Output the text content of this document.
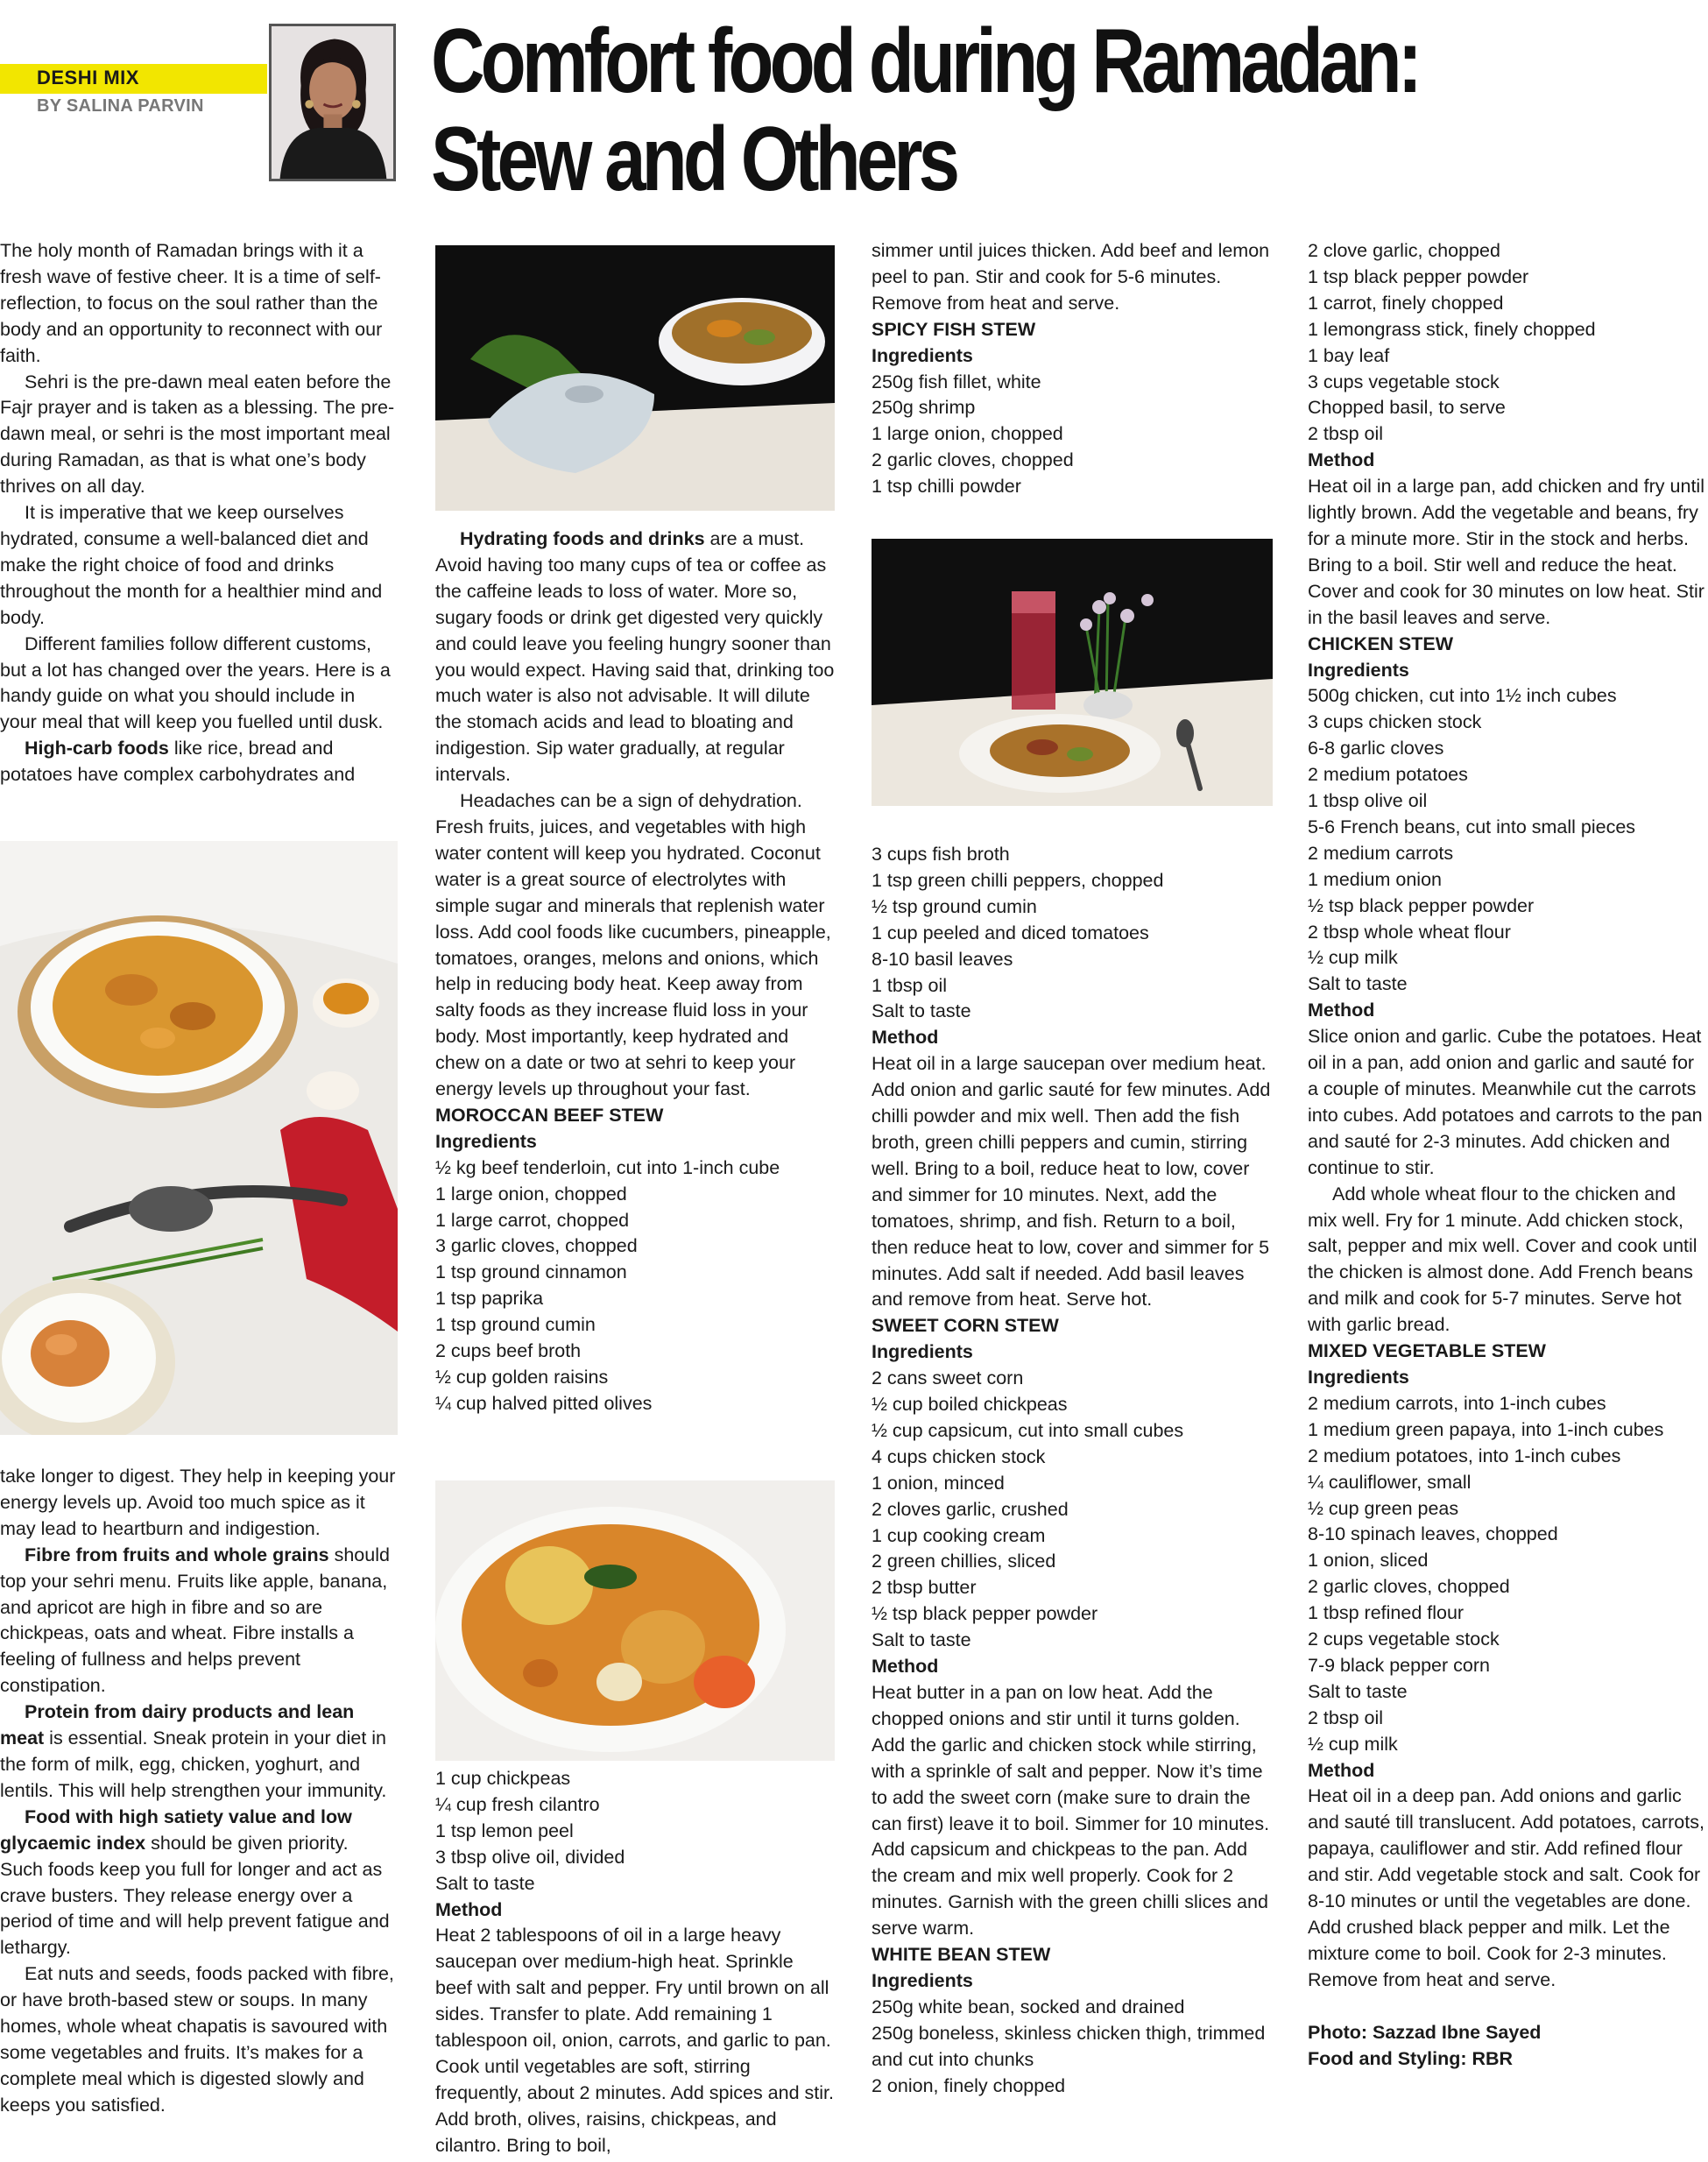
DESHI MIX
BY SALINA PARVIN Comfort food during Ramadan:
Stew and Others

The holy month of Ramadan brings with it a fresh wave of festive cheer. It is a time of self-reflection, to focus on the soul rather than the body and an opportunity to reconnect with our faith.

Sehri is the pre-dawn meal eaten before the Fajr prayer and is taken as a blessing. The pre-dawn meal, or sehri is the most important meal during Ramadan, as that is what one’s body thrives on all day.

It is imperative that we keep ourselves hydrated, consume a well-balanced diet and make the right choice of food and drinks throughout the month for a healthier mind and body.

Different families follow different customs, but a lot has changed over the years. Here is a handy guide on what you should include in your meal that will keep you fuelled until dusk.

High-carb foods like rice, bread and potatoes have complex carbohydrates and

take longer to digest. They help in keeping your energy levels up. Avoid too much spice as it may lead to heartburn and indigestion.

Fibre from fruits and whole grains should top your sehri menu. Fruits like apple, banana, and apricot are high in fibre and so are chickpeas, oats and wheat. Fibre installs a feeling of fullness and helps prevent constipation.

Protein from dairy products and lean meat is essential. Sneak protein in your diet in the form of milk, egg, chicken, yoghurt, and lentils. This will help strengthen your immunity.

Food with high satiety value and low glycaemic index should be given priority. Such foods keep you full for longer and act as crave busters. They release energy over a period of time and will help prevent fatigue and lethargy.

Eat nuts and seeds, foods packed with fibre, or have broth-based stew or soups. In many homes, whole wheat chapatis is savoured with some vegetables and fruits. It’s makes for a complete meal which is digested slowly and keeps you satisfied.

Hydrating foods and drinks are a must. Avoid having too many cups of tea or coffee as the caffeine leads to loss of water. More so, sugary foods or drink get digested very quickly and could leave you feeling hungry sooner than you would expect. Having said that, drinking too much water is also not advisable. It will dilute the stomach acids and lead to bloating and indigestion. Sip water gradually, at regular intervals.

Headaches can be a sign of dehydration. Fresh fruits, juices, and vegetables with high water content will keep you hydrated. Coconut water is a great source of electrolytes with simple sugar and minerals that replenish water loss. Add cool foods like cucumbers, pineapple, tomatoes, oranges, melons and onions, which help in reducing body heat. Keep away from salty foods as they increase fluid loss in your body. Most importantly, keep hydrated and chew on a date or two at sehri to keep your energy levels up throughout your fast.

MOROCCAN BEEF STEW

Ingredients

½ kg beef tenderloin, cut into 1-inch cube

1 large onion, chopped

1 large carrot, chopped

3 garlic cloves, chopped

1 tsp ground cinnamon

1 tsp paprika

1 tsp ground cumin

2 cups beef broth

½ cup golden raisins

¼ cup halved pitted olives

1 cup chickpeas

¼ cup fresh cilantro

1 tsp lemon peel

3 tbsp olive oil, divided

Salt to taste

Method

Heat 2 tablespoons of oil in a large heavy saucepan over medium-high heat. Sprinkle beef with salt and pepper. Fry until brown on all sides. Transfer to plate. Add remaining 1 tablespoon oil, onion, carrots, and garlic to pan. Cook until vegetables are soft, stirring frequently, about 2 minutes. Add spices and stir. Add broth, olives, raisins, chickpeas, and cilantro. Bring to boil,

simmer until juices thicken. Add beef and lemon peel to pan. Stir and cook for 5-6 minutes. Remove from heat and serve.

SPICY FISH STEW

Ingredients

250g fish fillet, white

250g shrimp

1 large onion, chopped

2 garlic cloves, chopped

1 tsp chilli powder

3 cups fish broth

1 tsp green chilli peppers, chopped

½ tsp ground cumin

1 cup peeled and diced tomatoes

8-10 basil leaves

1 tbsp oil

Salt to taste

Method

Heat oil in a large saucepan over medium heat. Add onion and garlic sauté for few minutes. Add chilli powder and mix well. Then add the fish broth, green chilli peppers and cumin, stirring well. Bring to a boil, reduce heat to low, cover and simmer for 10 minutes. Next, add the tomatoes, shrimp, and fish. Return to a boil, then reduce heat to low, cover and simmer for 5 minutes. Add salt if needed. Add basil leaves and remove from heat. Serve hot.

SWEET CORN STEW

Ingredients

2 cans sweet corn

½ cup boiled chickpeas

½ cup capsicum, cut into small cubes

4 cups chicken stock

1 onion, minced

2 cloves garlic, crushed

1 cup cooking cream

2 green chillies, sliced

2 tbsp butter

½ tsp black pepper powder

Salt to taste

Method

Heat butter in a pan on low heat. Add the chopped onions and stir until it turns golden. Add the garlic and chicken stock while stirring, with a sprinkle of salt and pepper. Now it’s time to add the sweet corn (make sure to drain the can first) leave it to boil. Simmer for 10 minutes. Add capsicum and chickpeas to the pan. Add the cream and mix well properly. Cook for 2 minutes. Garnish with the green chilli slices and serve warm.

WHITE BEAN STEW

Ingredients

250g white bean, socked and drained

250g boneless, skinless chicken thigh, trimmed and cut into chunks

2 onion, finely chopped

2 clove garlic, chopped

1 tsp black pepper powder

1 carrot, finely chopped

1 lemongrass stick, finely chopped

1 bay leaf

3 cups vegetable stock

Chopped basil, to serve

2 tbsp oil

Method

Heat oil in a large pan, add chicken and fry until lightly brown. Add the vegetable and beans, fry for a minute more. Stir in the stock and herbs. Bring to a boil. Stir well and reduce the heat. Cover and cook for 30 minutes on low heat. Stir in the basil leaves and serve.

CHICKEN STEW

Ingredients

500g chicken, cut into 1½ inch cubes

3 cups chicken stock

6-8 garlic cloves

2 medium potatoes

1 tbsp olive oil

5-6 French beans, cut into small pieces

2 medium carrots

1 medium onion

½ tsp black pepper powder

2 tbsp whole wheat flour

½ cup milk

Salt to taste

Method

Slice onion and garlic. Cube the potatoes. Heat oil in a pan, add onion and garlic and sauté for a couple of minutes. Meanwhile cut the carrots into cubes. Add potatoes and carrots to the pan and sauté for 2-3 minutes. Add chicken and continue to stir.

Add whole wheat flour to the chicken and mix well. Fry for 1 minute. Add chicken stock, salt, pepper and mix well. Cover and cook until the chicken is almost done. Add French beans and milk and cook for 5-7 minutes. Serve hot with garlic bread.

MIXED VEGETABLE STEW

Ingredients

2 medium carrots, into 1-inch cubes

1 medium green papaya, into 1-inch cubes

2 medium potatoes, into 1-inch cubes

¼ cauliflower, small

½ cup green peas

8-10 spinach leaves, chopped

1 onion, sliced

2 garlic cloves, chopped

1 tbsp refined flour

2 cups vegetable stock

7-9 black pepper corn

Salt to taste

2 tbsp oil

½ cup milk

Method

Heat oil in a deep pan. Add onions and garlic and sauté till translucent. Add potatoes, carrots, papaya, cauliflower and stir. Add refined flour and stir. Add vegetable stock and salt. Cook for 8-10 minutes or until the vegetables are done. Add crushed black pepper and milk. Let the mixture come to boil. Cook for 2-3 minutes. Remove from heat and serve.

Photo: Sazzad Ibne Sayed

Food and Styling: RBR
